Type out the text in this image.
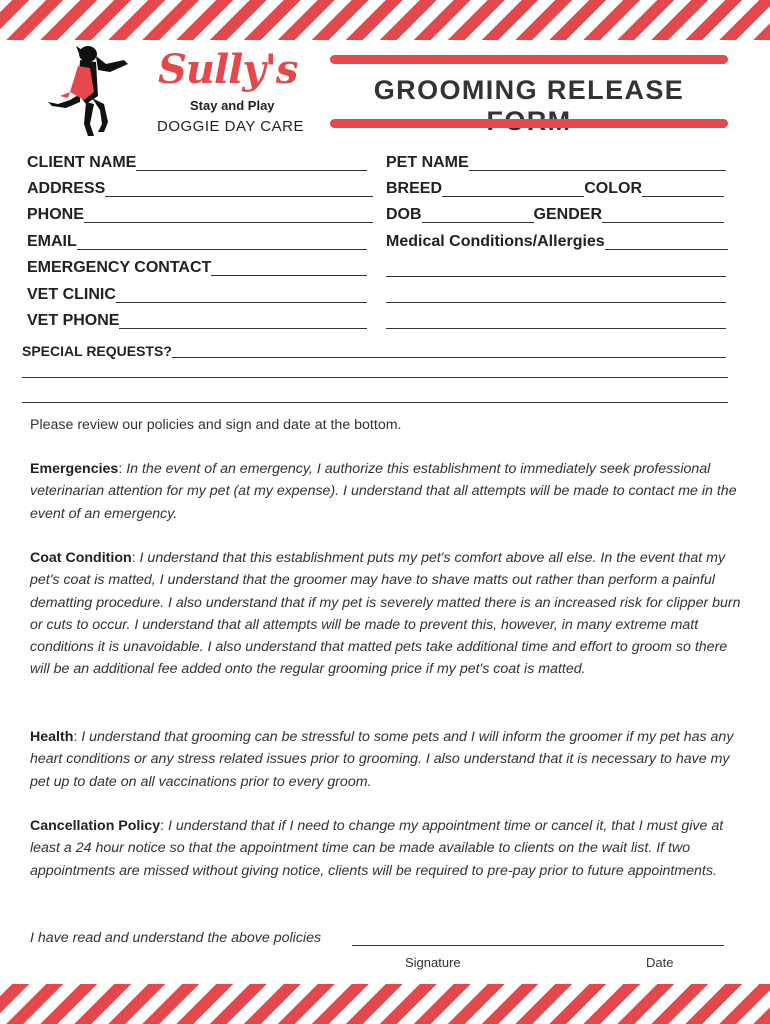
Sully's
Stay and Play
DOGGIE DAY CARE
GROOMING RELEASE
CLIENT NAME
ADDRESS
PHONE
EMAIL
EMERGENCY CONTACT
VET CLINIC
VET PHONE
PET NAME
BREED	COLOR
DOB	GENDER
Medical Conditions/Allergies
SPECIAL REQUESTS?
Please review our policies and sign and date at the bottom.
Emergencies: In the event of an emergency, I authorize this establishment to immediately seek professional veterinarian attention for my pet (at my expense). I understand that all attempts will be made to contact me in the event of an emergency.
Coat Condition: I understand that this establishment puts my pet's comfort above all else. In the event that my pet's coat is matted, I understand that the groomer may have to shave matts out rather than perform a painful dematting procedure. I also understand that if my pet is severely matted there is an increased risk for clipper burn or cuts to occur. I understand that all attempts will be made to prevent this, however, in many extreme matt conditions it is unavoidable. I also understand that matted pets take additional time and effort to groom so there will be an additional fee added onto the regular grooming price if my pet's coat is matted.
Health: I understand that grooming can be stressful to some pets and I will inform the groomer if my pet has any heart conditions or any stress related issues prior to grooming. I also understand that it is necessary to have my pet up to date on all vaccinations prior to every groom.
Cancellation Policy: I understand that if I need to change my appointment time or cancel it, that I must give at least a 24 hour notice so that the appointment time can be made available to clients on the wait list. If two appointments are missed without giving notice, clients will be required to pre-pay prior to future appointments.
I have read and understand the above policies
Signature	Date
